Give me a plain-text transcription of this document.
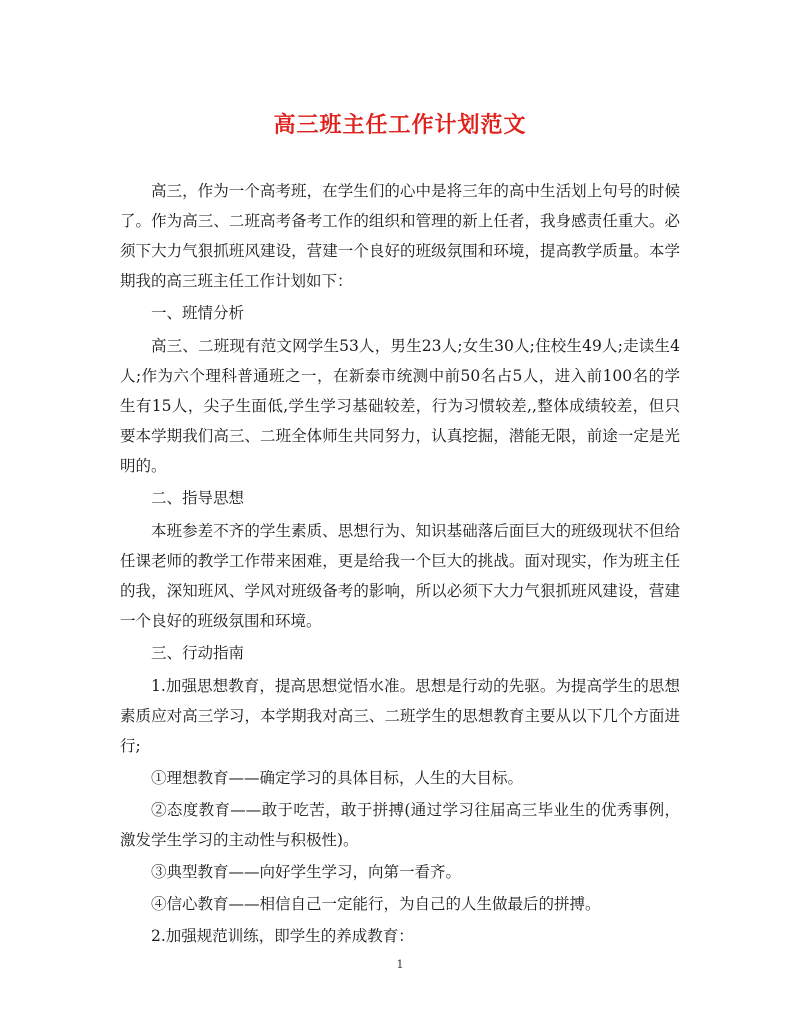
高三班主任工作计划范文

高三，作为一个高考班，在学生们的心中是将三年的高中生活划上句号的时候了。作为高三、二班高考备考工作的组织和管理的新上任者，我身感责任重大。必须下大力气狠抓班风建设，营建一个良好的班级氛围和环境，提高教学质量。本学期我的高三班主任工作计划如下：

一、班情分析

高三、二班现有范文网学生53人，男生23人;女生30人;住校生49人;走读生4人;作为六个理科普通班之一，在新泰市统测中前50名占5人，进入前100名的学生有15人，尖子生面低,学生学习基础较差，行为习惯较差,,整体成绩较差，但只要本学期我们高三、二班全体师生共同努力，认真挖掘，潜能无限，前途一定是光明的。

二、指导思想

本班参差不齐的学生素质、思想行为、知识基础落后面巨大的班级现状不但给任课老师的教学工作带来困难，更是给我一个巨大的挑战。面对现实，作为班主任的我，深知班风、学风对班级备考的影响，所以必须下大力气狠抓班风建设，营建一个良好的班级氛围和环境。

三、行动指南

1.加强思想教育，提高思想觉悟水准。思想是行动的先驱。为提高学生的思想素质应对高三学习，本学期我对高三、二班学生的思想教育主要从以下几个方面进行;

①理想教育——确定学习的具体目标，人生的大目标。

②态度教育——敢于吃苦，敢于拼搏(通过学习往届高三毕业生的优秀事例，激发学生学习的主动性与积极性)。

③典型教育——向好学生学习，向第一看齐。

④信心教育——相信自己一定能行，为自己的人生做最后的拼搏。

2.加强规范训练，即学生的养成教育：

1
